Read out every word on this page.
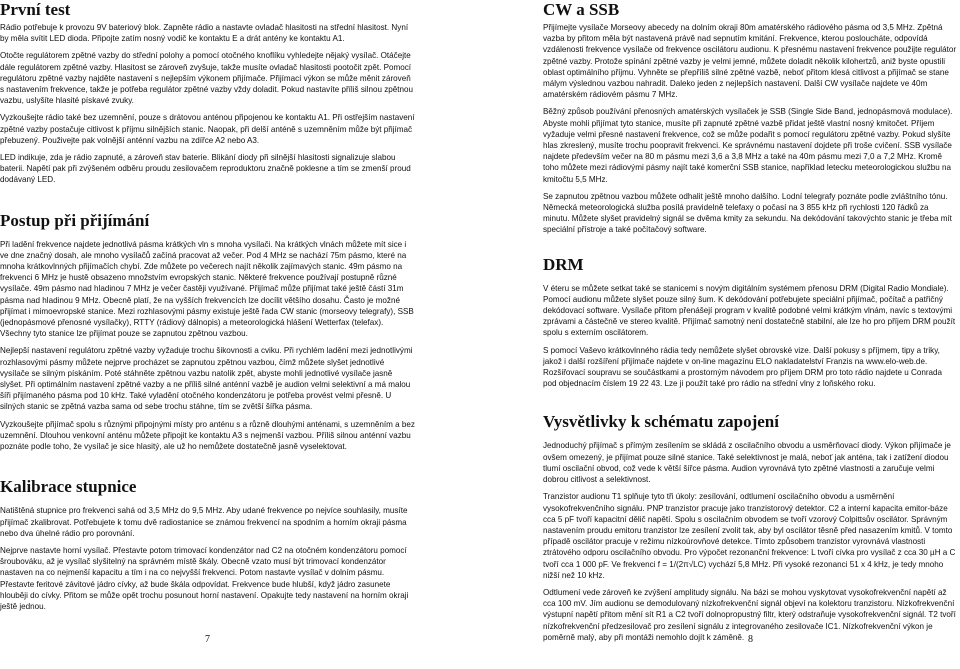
První test

Rádio potřebuje k provozu 9V bateriový blok. Zapněte rádio a nastavte ovladač hlasitosti na střední hlasitost. Nyní by měla svítit LED dioda. Připojte zatím nosný vodič ke kontaktu E a drát antény ke kontaktu A1.

Otočte regulátorem zpětné vazby do střední polohy a pomocí otočného knoflíku vyhledejte nějaký vysílač. Otáčejte dále regulátorem zpětné vazby. Hlasitost se zároveň zvyšuje, takže musíte ovladač hlasitosti pootočit zpět. Pomocí regulátoru zpětné vazby najděte nastavení s nejlepším výkonem přijímače. Přijímací výkon se může měnit zároveň s nastavením frekvence, takže je potřeba regulátor zpětné vazby vždy doladit. Pokud nastavíte příliš silnou zpětnou vazbu, uslyšíte hlasité pískavé zvuky.

Vyzkoušejte rádio také bez uzemnění, pouze s drátovou anténou připojenou ke kontaktu A1. Při ostřejším nastavení zpětné vazby postačuje citlivost k příjmu silnějších stanic. Naopak, při delší anténě s uzemněním může být přijímač přebuzený. Použivejte pak volnější anténní vazbu na zdířce A2 nebo A3.

LED indikuje, zda je rádio zapnuté, a zároveň stav baterie. Blikání diody při silnější hlasitosti signalizuje slabou baterii. Napětí pak při zvýšeném odběru proudu zesilovačem reproduktoru značně poklesne a tím se zmenší proud dodávaný LED.

Postup při přijímání

Při ladění frekvence najdete jednotlivá pásma krátkých vln s mnoha vysílači. Na krátkých vlnách můžete mít sice i ve dne značný dosah, ale mnoho vysílačů začíná pracovat až večer. Pod 4 MHz se nachází 75m pásmo, které na mnoha krátkovlnných přijímačích chybí. Zde můžete po večerech najít několik zajímavých stanic. 49m pásmo na frekvenci 6 MHz je hustě obsazeno množstvím evropských stanic. Některé frekvence používají postupně různé vysílače. 49m pásmo nad hladinou 7 MHz je večer častěji využívané. Přijímač může přijímat také ještě částí 31m pásma nad hladinou 9 MHz. Obecně platí, že na vyšších frekvencích lze docílit většího dosahu. Často je možné přijímat i mimoevropské stanice. Mezi rozhlasovými pásmy existuje ještě řada CW stanic (morseovy telegrafy), SSB (jednopásmové přenosné vysílačky), RTTY (rádiový dálnopis) a meteorologická hlášení Wetterfax (telefax). Všechny tyto stanice lze přijímat pouze se zapnutou zpětnou vazbou.

Nejlepší nastavení regulátoru zpětné vazby vyžaduje trochu šikovnosti a cviku. Při rychlém ladění mezi jednotlivými rozhlasovými pásmy můžete nejprve procházet se zapnutou zpětnou vazbou, čímž můžete slyšet jednotlivé vysílače se silným pískáním. Poté stáhněte zpětnou vazbu natolik zpět, abyste mohli jednotlivé vysílače jasně slyšet. Při optimálním nastavení zpětné vazby a ne příliš silné anténní vazbě je audion velmi selektivní a má malou šíři přijímaného pásma pod 10 kHz. Také vyladění otočného kondenzátoru je potřeba provést velmi přesně. U silných stanic se zpětná vazba sama od sebe trochu stáhne, tím se zvětší šířka pásma.

Vyzkoušejte přijímač spolu s různými připojnými místy pro anténu s a různě dlouhými anténami, s uzemněním a bez uzemnění. Dlouhou venkovní anténu můžete připojit ke kontaktu A3 s nejmenší vazbou. Příliš silnou anténní vazbu poznáte podle toho, že vysílač je sice hlasitý, ale už ho nemůžete dostatečně jasně vyselektovat.

Kalibrace stupnice

Natištěná stupnice pro frekvenci sahá od 3,5 MHz do 9,5 MHz. Aby udané frekvence po nejvíce souhlasily, musíte přijímač zkalibrovat. Potřebujete k tomu dvě radiostanice se známou frekvencí na spodním a horním okraji pásma nebo dva úhelné rádio pro porovnání.

Nejprve nastavte horní vysílač. Přestavte potom trimovací kondenzátor nad C2 na otočném kondenzátoru pomocí šroubováku, až je vysílač slyšitelný na správném místě škály. Obecně vzato musí být trimovací kondenzátor nastaven na co nejmenší kapacitu a tím i na co nejvyšší frekvenci. Potom nastavte vysílač v dolním pásmu. Přestavte feritové závitové jádro cívky, až bude škála odpovídat. Frekvence bude hlubší, když jádro zasunete hlouběji do cívky. Přitom se může opět trochu posunout horní nastavení. Opakujte tedy nastavení na horním okraji ještě jednou.

CW a SSB

Přijímejte vysílače Morseovy abecedy na dolním okraji 80m amatérského rádiového pásma od 3,5 MHz. Zpětná vazba by přitom měla být nastavená právě nad sepnutím kmitání. Frekvence, kterou posloucháte, odpovídá vzdálenosti frekvence vysílače od frekvence oscilátoru audionu. K přesnému nastavení frekvence použijte regulátor zpětné vazby. Protože spínání zpětné vazby je velmi jemné, můžete doladit několik kilohertzů, aniž byste opustili oblast optimálního příjmu. Vyhněte se přepříliš silné zpětné vazbě, neboť přitom klesá citlivost a přijímač se stane málym výslednou vazbou nahradit. Daleko jeden z nejlepších nastavení. Další CW vysílače najdete ve 40m amatérském rádiovém pásmu 7 MHz.

Běžný způsob používání přenosných amatérských vysílaček je SSB (Single Side Band, jednopásmová modulace). Abyste mohli přijímat tyto stanice, musíte při zapnuté zpětné vazbě přidat ještě vlastní nosný kmitočet. Příjem vyžaduje velmi přesné nastavení frekvence, což se může podařit s pomocí regulátoru zpětné vazby. Pokud slyšíte hlas zkreslený, musíte trochu poopravit frekvenci. Ke správnému nastavení dojdete při troše cvičení. SSB vysílače najdete především večer na 80 m pásmu mezi 3,6 a 3,8 MHz a také na 40m pásmu mezi 7,0 a 7,2 MHz. Kromě toho můžete mezi rádiovými pásmy najít také komerční SSB stanice, například letecku meteorologickou službu na kmitočtu 5,5 MHz.

Se zapnutou zpětnou vazbou můžete odhalit ještě mnoho dalšího. Lodní telegrafy poznáte podle zvláštního tónu. Německá meteorologická služba posílá pravidelně telefaxy o počasí na 3 855 kHz při rychlosti 120 řádků za minutu. Můžete slyšet pravidelný signál se dvěma kmity za sekundu. Na dekódování takovýchto stanic je třeba mít speciální přístroje a také počítačový software.

DRM

V éteru se můžete setkat také se stanicemi s novým digitálním systémem přenosu DRM (Digital Radio Mondiale). Pomocí audionu můžete slyšet pouze silný šum. K dekódování potřebujete speciální přijímač, počítač a patřičný dekódovací software. Vysílače přitom přenášejí program v kvalitě podobné velmi krátkým vlnám, navíc s textovými zprávami a částečně ve stereo kvalitě. Přijímač samotný není dostatečně stabilní, ale lze ho pro příjem DRM použít spolu s externím oscilátorem.

S pomocí Vaševo krátkovlnného rádia tedy nemůžete slyšet obrovské vize. Další pokusy s příjmem, tipy a triky, jakož i další rozšíření přijímače najdete v on-line magazínu ELO nakladatelství Franzis na www.elo-web.de. Rozšiřovací soupravu se součástkami a prostorným návodem pro příjem DRM pro toto rádio najdete u Conrada pod objednacím číslem 19 22 43. Lze ji použít také pro rádio na střední vlny z loňského roku.

Vysvětlivky k schématu zapojení

Jednoduchý přijímač s přímým zesílením se skládá z oscilačního obvodu a usměrňovací diody. Výkon přijímače je ovšem omezený, je přijímat pouze silné stanice. Také selektivnost je malá, neboť jak anténa, tak i zatížení diodou tlumí oscilační obvod, což vede k větší šířce pásma. Audion vyrovnává tyto zpětné vlastnosti a zaručuje velmi dobrou citlivost a selektivnost.

Tranzistor audionu T1 splňuje tyto tři úkoly: zesílování, odtlumení oscilačního obvodu a usměrnění vysokofrekvenčního signálu. PNP tranzistor pracuje jako tranzistorový detektor. C2 a interní kapacita emitor-báze cca 5 pF tvoří kapacitní dělič napětí. Spolu s oscilačním obvodem se tvoří vzorový Colpittsův oscilátor. Správným nastavením proudu emitoru tranzistor lze zesílení zvolit tak, aby byl oscilátor těsně před nasazením kmitů. V tomto případě oscilátor pracuje v režimu nízkoúrovňové detekce. Tímto způsobem tranzistor vyrovnává vlastnosti ztrátového odporu oscilačního obvodu. Pro výpočet rezonanční frekvence: L tvoří cívka pro vysílač z cca 30 µH a C tvoří cca 1 000 pF. Ve frekvenci f = 1/(2π√LC) vychází 5,8 MHz. Při vysoké rezonanci 51 x 4 kHz, je tedy mnoho nižší než 10 kHz.

Odtlumení vede zároveň ke zvýšení amplitudy signálu. Na bázi se mohou vyskytovat vysokofrekvenční napětí až cca 100 mV. Jím audionu se demodulovaný nízkofrekvenční signál objeví na kolektoru tranzistoru. Nízkofrekvenční výstupní napětí přitom mění sít R1 a C2 tvoří dolnopropustný filtr, který odstraňuje vysokofrekvenční signál. T2 tvoří nízkofrekvenční předzesilovač pro zesílení signálu z integrovaného zesilovače IC1. Nízkofrekvenční výkon je poměrně malý, aby při montáži nemohlo dojít k záměně.

7	8
